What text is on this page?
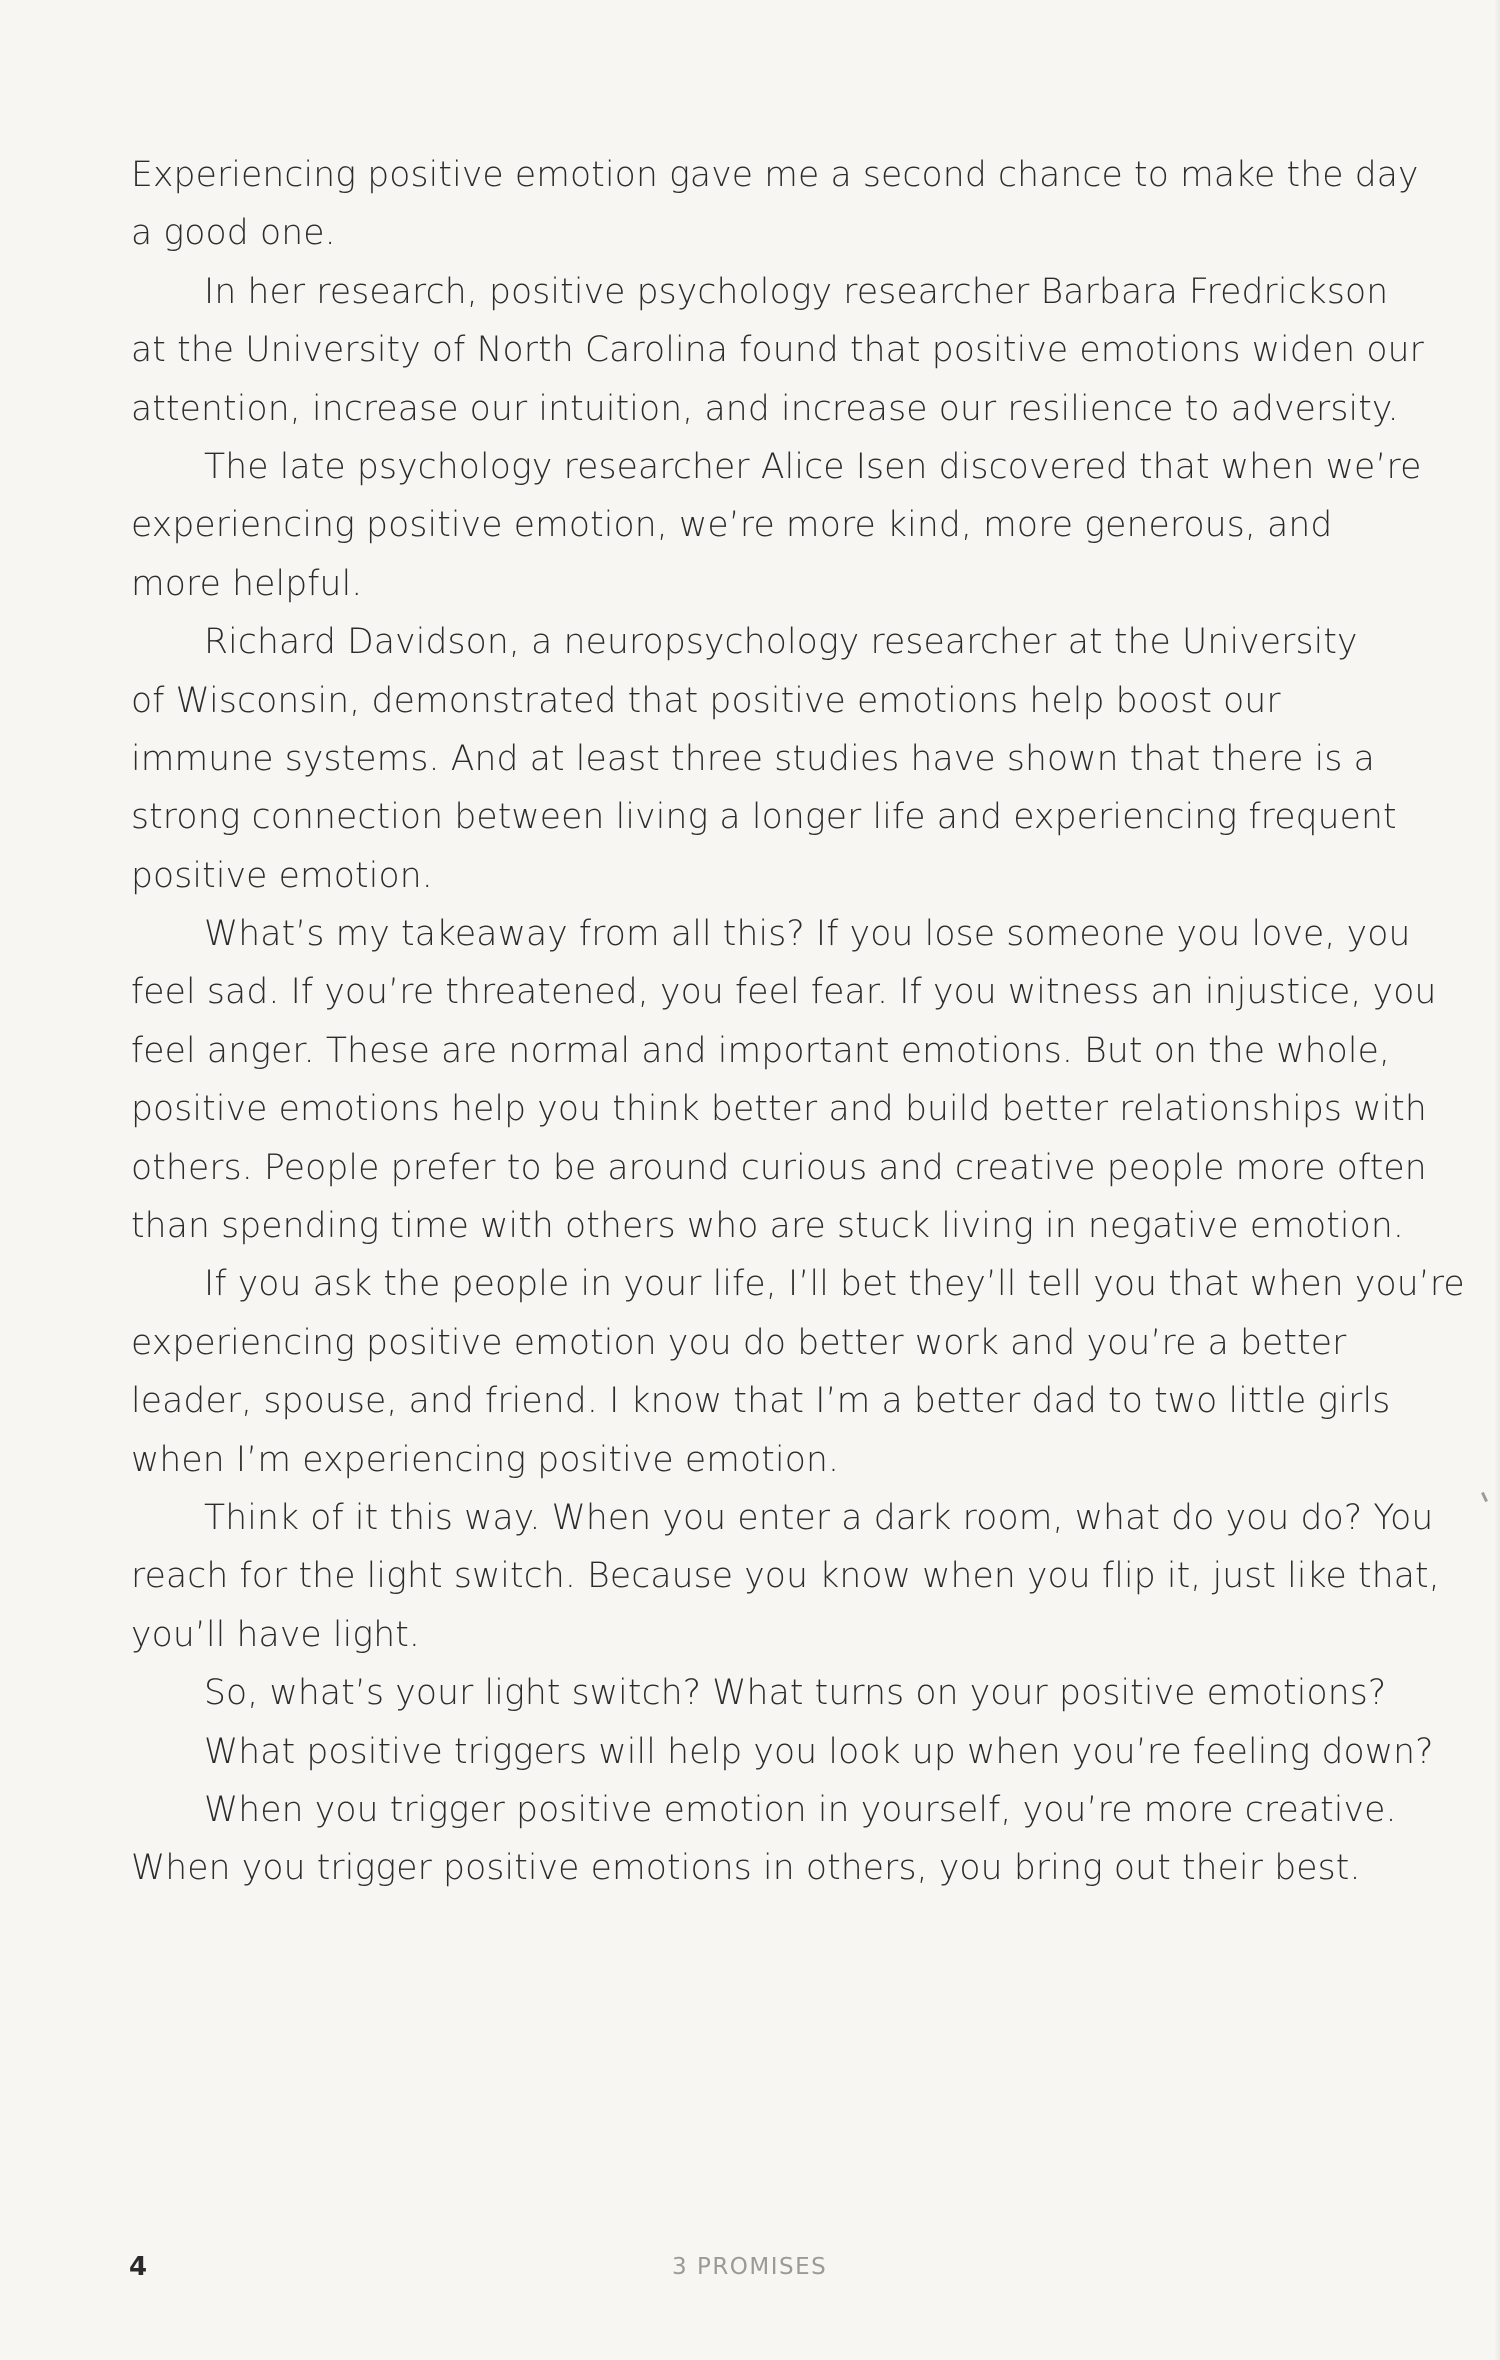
Experiencing positive emotion gave me a second chance to make the day
a good one.
In her research, positive psychology researcher Barbara Fredrickson
at the University of North Carolina found that positive emotions widen our
attention, increase our intuition, and increase our resilience to adversity.
The late psychology researcher Alice Isen discovered that when we’re
experiencing positive emotion, we’re more kind, more generous, and
more helpful.
Richard Davidson, a neuropsychology researcher at the University
of Wisconsin, demonstrated that positive emotions help boost our
immune systems. And at least three studies have shown that there is a
strong connection between living a longer life and experiencing frequent
positive emotion.
What’s my takeaway from all this? If you lose someone you love, you
feel sad. If you’re threatened, you feel fear. If you witness an injustice, you
feel anger. These are normal and important emotions. But on the whole,
positive emotions help you think better and build better relationships with
others. People prefer to be around curious and creative people more often
than spending time with others who are stuck living in negative emotion.
If you ask the people in your life, I’ll bet they’ll tell you that when you’re
experiencing positive emotion you do better work and you’re a better
leader, spouse, and friend. I know that I’m a better dad to two little girls
when I’m experiencing positive emotion.
Think of it this way. When you enter a dark room, what do you do? You
reach for the light switch. Because you know when you flip it, just like that,
you’ll have light.
So, what’s your light switch? What turns on your positive emotions?
What positive triggers will help you look up when you’re feeling down?
When you trigger positive emotion in yourself, you’re more creative.
When you trigger positive emotions in others, you bring out their best.
4	3 PROMISES
